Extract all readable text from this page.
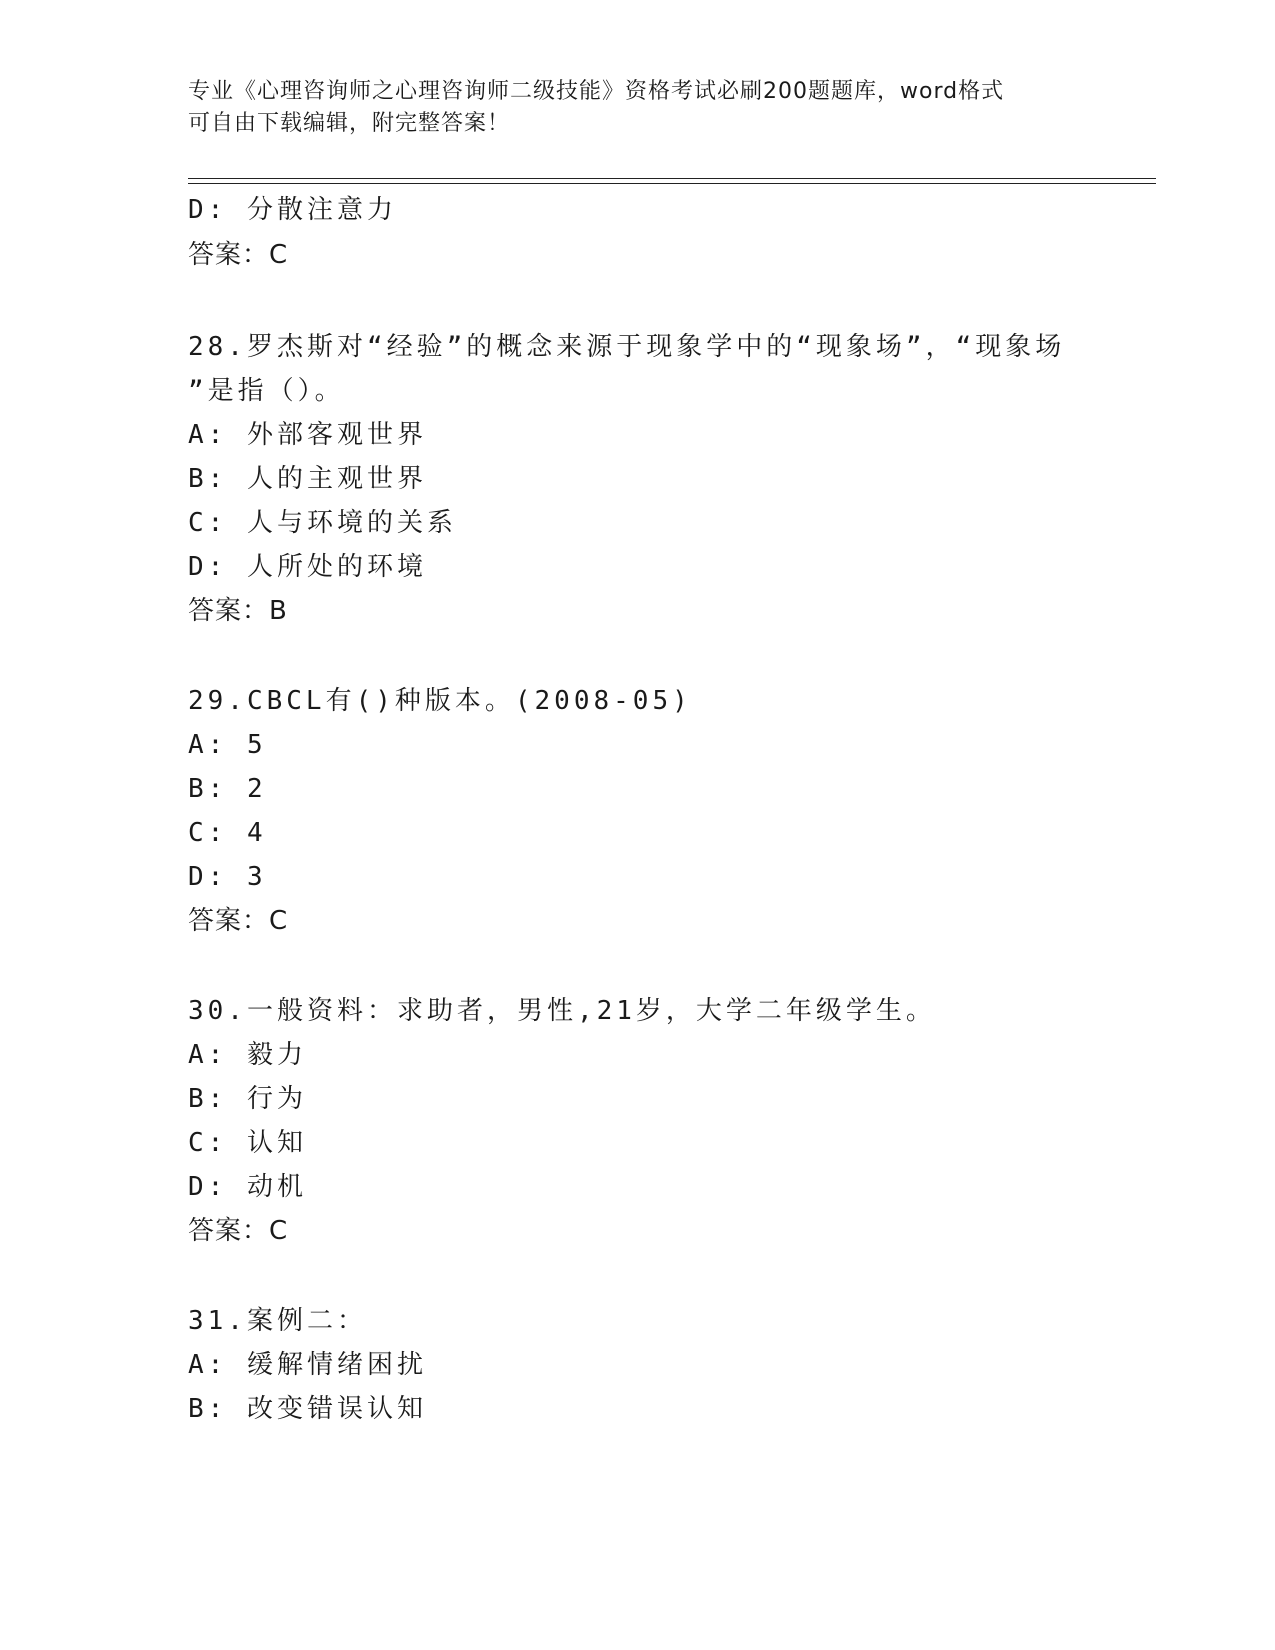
专业《心理咨询师之心理咨询师二级技能》资格考试必刷200题题库，word格式
可自由下载编辑，附完整答案！
D: 分散注意力
答案：C
28.罗杰斯对“经验”的概念来源于现象学中的“现象场”，“现象场
”是指（）。
A: 外部客观世界
B: 人的主观世界
C: 人与环境的关系
D: 人所处的环境
答案：B
29.CBCL有()种版本。(2008-05)
A: 5
B: 2
C: 4
D: 3
答案：C
30.一般资料：求助者，男性,21岁，大学二年级学生。
A: 毅力
B: 行为
C: 认知
D: 动机
答案：C
31.案例二：
A: 缓解情绪困扰
B: 改变错误认知
